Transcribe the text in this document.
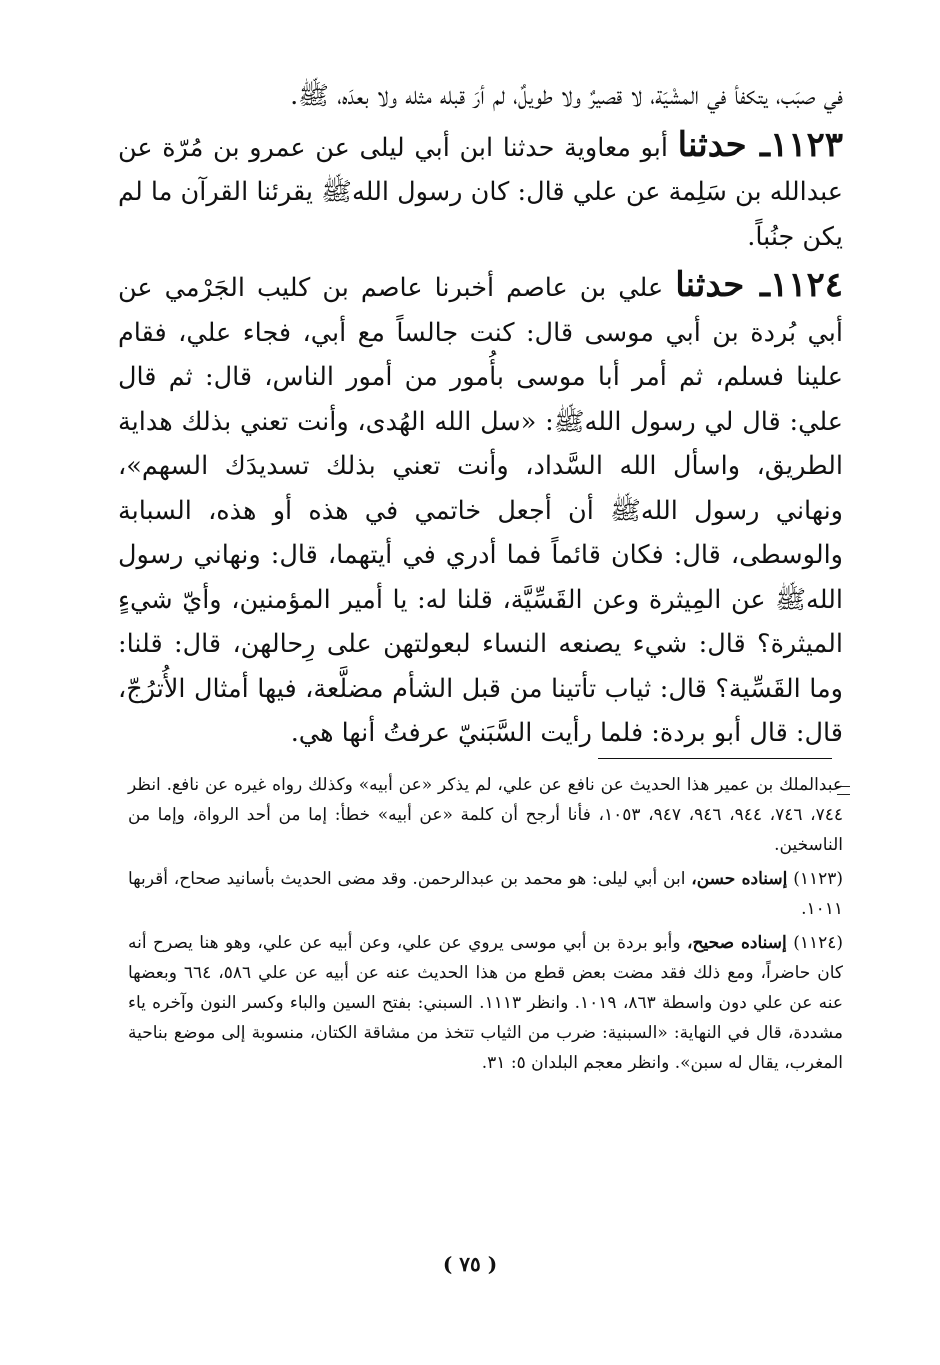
في صبَب، يتكفأ في المشْيَة، لا قصيرٌ ولا طويلٌ، لم أرَ قبله مثله ولا بعدَه، ﷺ.

١١٢٣ـ حدثنا أبو معاوية حدثنا ابن أبي ليلى عن عمرو بن مُرّة عن عبدالله بن سَلِمة عن علي قال: كان رسول اللهﷺ يقرئنا القرآن ما لم يكن جنُباً.

١١٢٤ـ حدثنا علي بن عاصم أخبرنا عاصم بن كليب الجَرْمي عن أبي بُردة بن أبي موسى قال: كنت جالساً مع أبي، فجاء علي، فقام علينا فسلم، ثم أمر أبا موسى بأُمور من أمور الناس، قال: ثم قال علي: قال لي رسول اللهﷺ: «سل الله الهُدى، وأنت تعني بذلك هداية الطريق، واسأل الله السَّداد، وأنت تعني بذلك تسديدَك السهم»، ونهاني رسول اللهﷺ أن أجعل خاتمي في هذه أو هذه، السبابة والوسطى، قال: فكان قائماً فما أدري في أيتهما، قال: ونهاني رسول اللهﷺ عن المِيثرة وعن القَسِّيَّة، قلنا له: يا أمير المؤمنين، وأيّ شيءٍ الميثرة؟ قال: شيء يصنعه النساء لبعولتهن على رِحالهن، قال: قلنا: وما القَسِّية؟ قال: ثياب تأتينا من قبل الشأم مضلَّعة، فيها أمثال الأُترُجّ، قال: قال أبو بردة: فلما رأيت السَّبَنيّ عرفتُ أنها هي.

عبدالملك بن عمير هذا الحديث عن نافع عن علي، لم يذكر «عن أبيه» وكذلك رواه غيره عن نافع. انظر ٧٤٤، ٧٤٦، ٩٤٤، ٩٤٦، ٩٤٧، ١٠٥٣، فأنا أرجح أن كلمة «عن أبيه» خطأ: إما من أحد الرواة، وإما من الناسخين.

(١١٢٣) إسناده حسن، ابن أبي ليلى: هو محمد بن عبدالرحمن. وقد مضى الحديث بأسانيد صحاح، أقربها ١٠١١.

(١١٢٤) إسناده صحيح، وأبو بردة بن أبي موسى يروي عن علي، وعن أبيه عن علي، وهو هنا يصرح أنه كان حاضراً، ومع ذلك فقد مضت بعض قطع من هذا الحديث عنه عن أبيه عن علي ٥٨٦، ٦٦٤ وبعضها عنه عن علي دون واسطة ٨٦٣، ١٠١٩. وانظر ١١١٣. السبني: بفتح السين والباء وكسر النون وآخره ياء مشددة، قال في النهاية: «السبنية: ضرب من الثياب تتخذ من مشاقة الكتان، منسوبة إلى موضع بناحية المغرب، يقال له سبن». وانظر معجم البلدان ٥: ٣١.

( ٧٥ )
